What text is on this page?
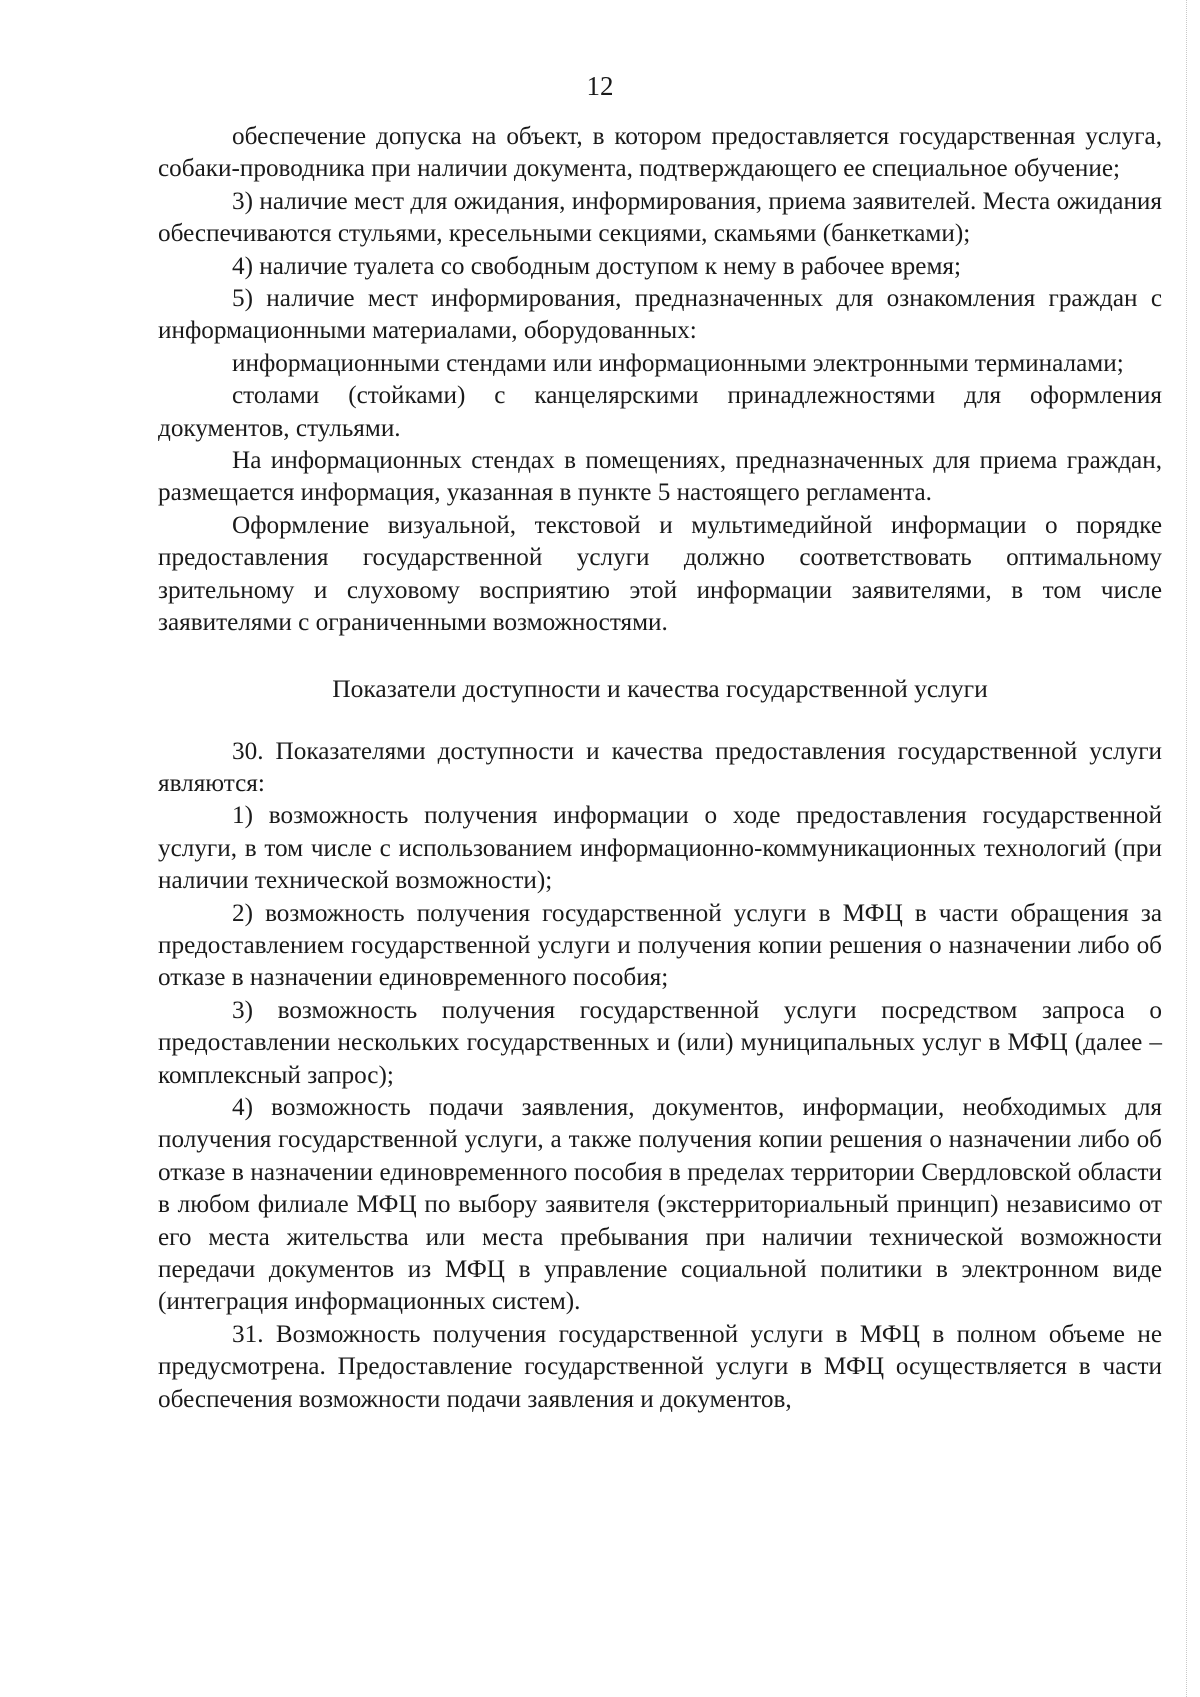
12

обеспечение допуска на объект, в котором предоставляется государственная услуга, собаки-проводника при наличии документа, подтверждающего ее специальное обучение;

3) наличие мест для ожидания, информирования, приема заявителей. Места ожидания обеспечиваются стульями, кресельными секциями, скамьями (банкетками);

4) наличие туалета со свободным доступом к нему в рабочее время;

5) наличие мест информирования, предназначенных для ознакомления граждан с информационными материалами, оборудованных:

информационными стендами или информационными электронными терминалами;

столами (стойками) с канцелярскими принадлежностями для оформления документов, стульями.

На информационных стендах в помещениях, предназначенных для приема граждан, размещается информация, указанная в пункте 5 настоящего регламента.

Оформление визуальной, текстовой и мультимедийной информации о порядке предоставления государственной услуги должно соответствовать оптимальному зрительному и слуховому восприятию этой информации заявителями, в том числе заявителями с ограниченными возможностями.

Показатели доступности и качества государственной услуги

30. Показателями доступности и качества предоставления государственной услуги являются:

1) возможность получения информации о ходе предоставления государственной услуги, в том числе с использованием информационно-коммуникационных технологий (при наличии технической возможности);

2) возможность получения государственной услуги в МФЦ в части обращения за предоставлением государственной услуги и получения копии решения о назначении либо об отказе в назначении единовременного пособия;

3) возможность получения государственной услуги посредством запроса о предоставлении нескольких государственных и (или) муниципальных услуг в МФЦ (далее – комплексный запрос);

4) возможность подачи заявления, документов, информации, необходимых для получения государственной услуги, а также получения копии решения о назначении либо об отказе в назначении единовременного пособия в пределах территории Свердловской области в любом филиале МФЦ по выбору заявителя (экстерриториальный принцип) независимо от его места жительства или места пребывания при наличии технической возможности передачи документов из МФЦ в управление социальной политики в электронном виде (интеграция информационных систем).

31. Возможность получения государственной услуги в МФЦ в полном объеме не предусмотрена. Предоставление государственной услуги в МФЦ осуществляется в части обеспечения возможности подачи заявления и документов,
